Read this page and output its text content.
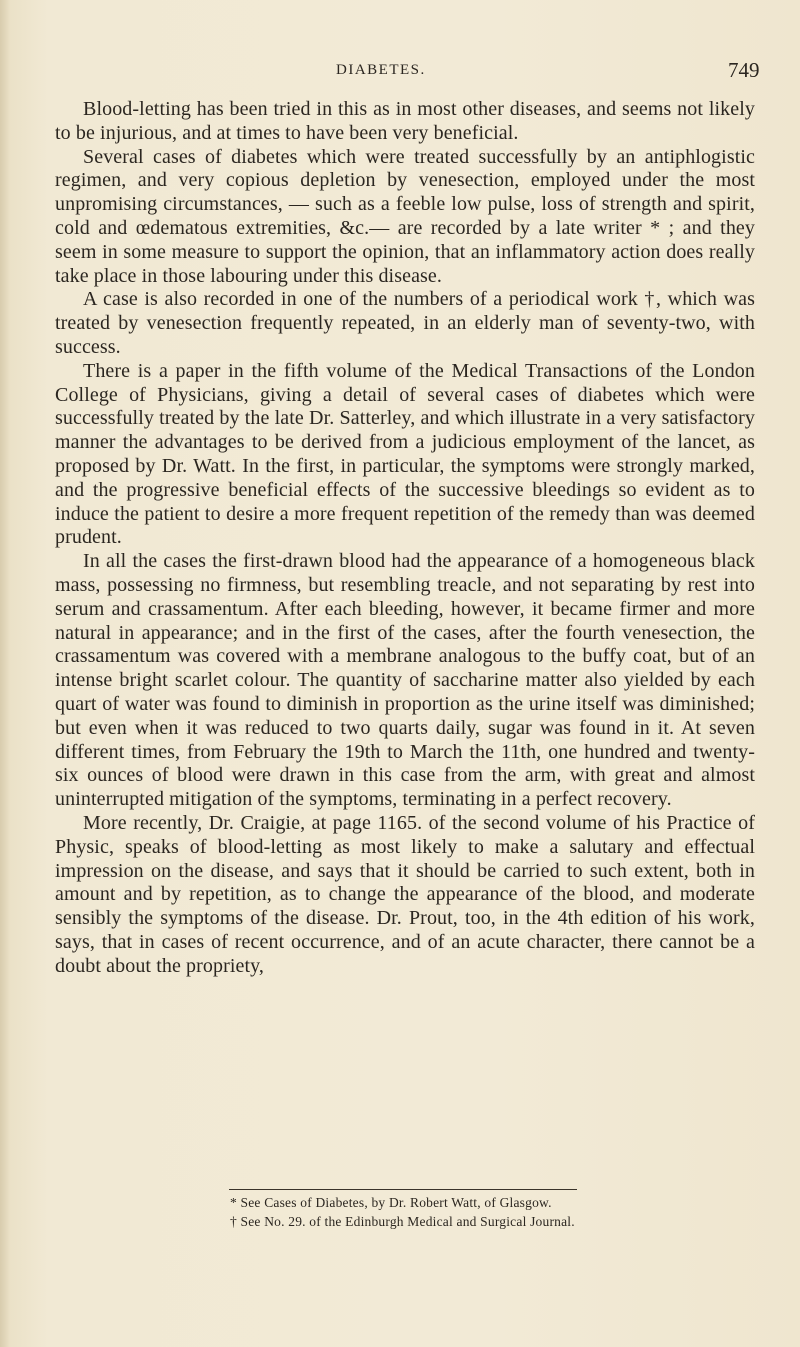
DIABETES.	749

Blood-letting has been tried in this as in most other diseases, and seems not likely to be injurious, and at times to have been very beneficial.

Several cases of diabetes which were treated successfully by an antiphlogistic regimen, and very copious depletion by venesection, employed under the most unpromising circumstances, — such as a feeble low pulse, loss of strength and spirit, cold and œdematous extremities, &c.— are recorded by a late writer * ; and they seem in some measure to support the opinion, that an inflammatory action does really take place in those labouring under this disease.

A case is also recorded in one of the numbers of a periodical work †, which was treated by venesection frequently repeated, in an elderly man of seventy-two, with success.

There is a paper in the fifth volume of the Medical Transactions of the London College of Physicians, giving a detail of several cases of diabetes which were successfully treated by the late Dr. Satterley, and which illustrate in a very satisfactory manner the advantages to be derived from a judicious employment of the lancet, as proposed by Dr. Watt. In the first, in particular, the symptoms were strongly marked, and the progressive beneficial effects of the successive bleedings so evident as to induce the patient to desire a more frequent repetition of the remedy than was deemed prudent.

In all the cases the first-drawn blood had the appearance of a homogeneous black mass, possessing no firmness, but resembling treacle, and not separating by rest into serum and crassamentum. After each bleeding, however, it became firmer and more natural in appearance; and in the first of the cases, after the fourth venesection, the crassamentum was covered with a membrane analogous to the buffy coat, but of an intense bright scarlet colour. The quantity of saccharine matter also yielded by each quart of water was found to diminish in proportion as the urine itself was diminished; but even when it was reduced to two quarts daily, sugar was found in it. At seven different times, from February the 19th to March the 11th, one hundred and twenty-six ounces of blood were drawn in this case from the arm, with great and almost uninterrupted mitigation of the symptoms, terminating in a perfect recovery.

More recently, Dr. Craigie, at page 1165. of the second volume of his Practice of Physic, speaks of blood-letting as most likely to make a salutary and effectual impression on the disease, and says that it should be carried to such extent, both in amount and by repetition, as to change the appearance of the blood, and moderate sensibly the symptoms of the disease. Dr. Prout, too, in the 4th edition of his work, says, that in cases of recent occurrence, and of an acute character, there cannot be a doubt about the propriety,

* See Cases of Diabetes, by Dr. Robert Watt, of Glasgow.

† See No. 29. of the Edinburgh Medical and Surgical Journal.
